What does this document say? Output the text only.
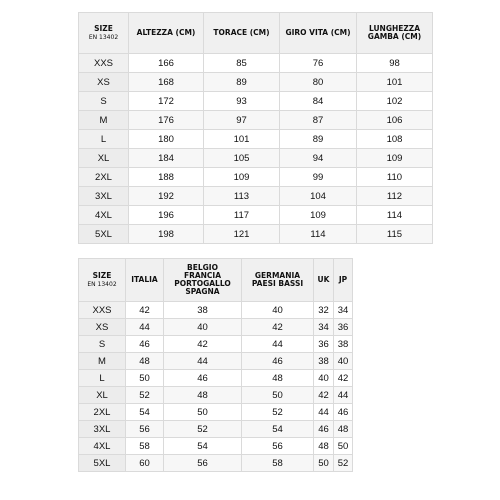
SIZE
EN 13402	ALTEZZA (CM)	TORACE (CM)	GIRO VITA (CM)	LUNGHEZZA GAMBA (CM)
XXS	166	85	76	98
XS	168	89	80	101
S	172	93	84	102
M	176	97	87	106
L	180	101	89	108
XL	184	105	94	109
2XL	188	109	99	110
3XL	192	113	104	112
4XL	196	117	109	114
5XL	198	121	114	115
SIZE
EN 13402	ITALIA	BELGIO FRANCIA PORTOGALLO SPAGNA	GERMANIA PAESI BASSI	UK	JP
XXS	42	38	40	32	34
XS	44	40	42	34	36
S	46	42	44	36	38
M	48	44	46	38	40
L	50	46	48	40	42
XL	52	48	50	42	44
2XL	54	50	52	44	46
3XL	56	52	54	46	48
4XL	58	54	56	48	50
5XL	60	56	58	50	52
